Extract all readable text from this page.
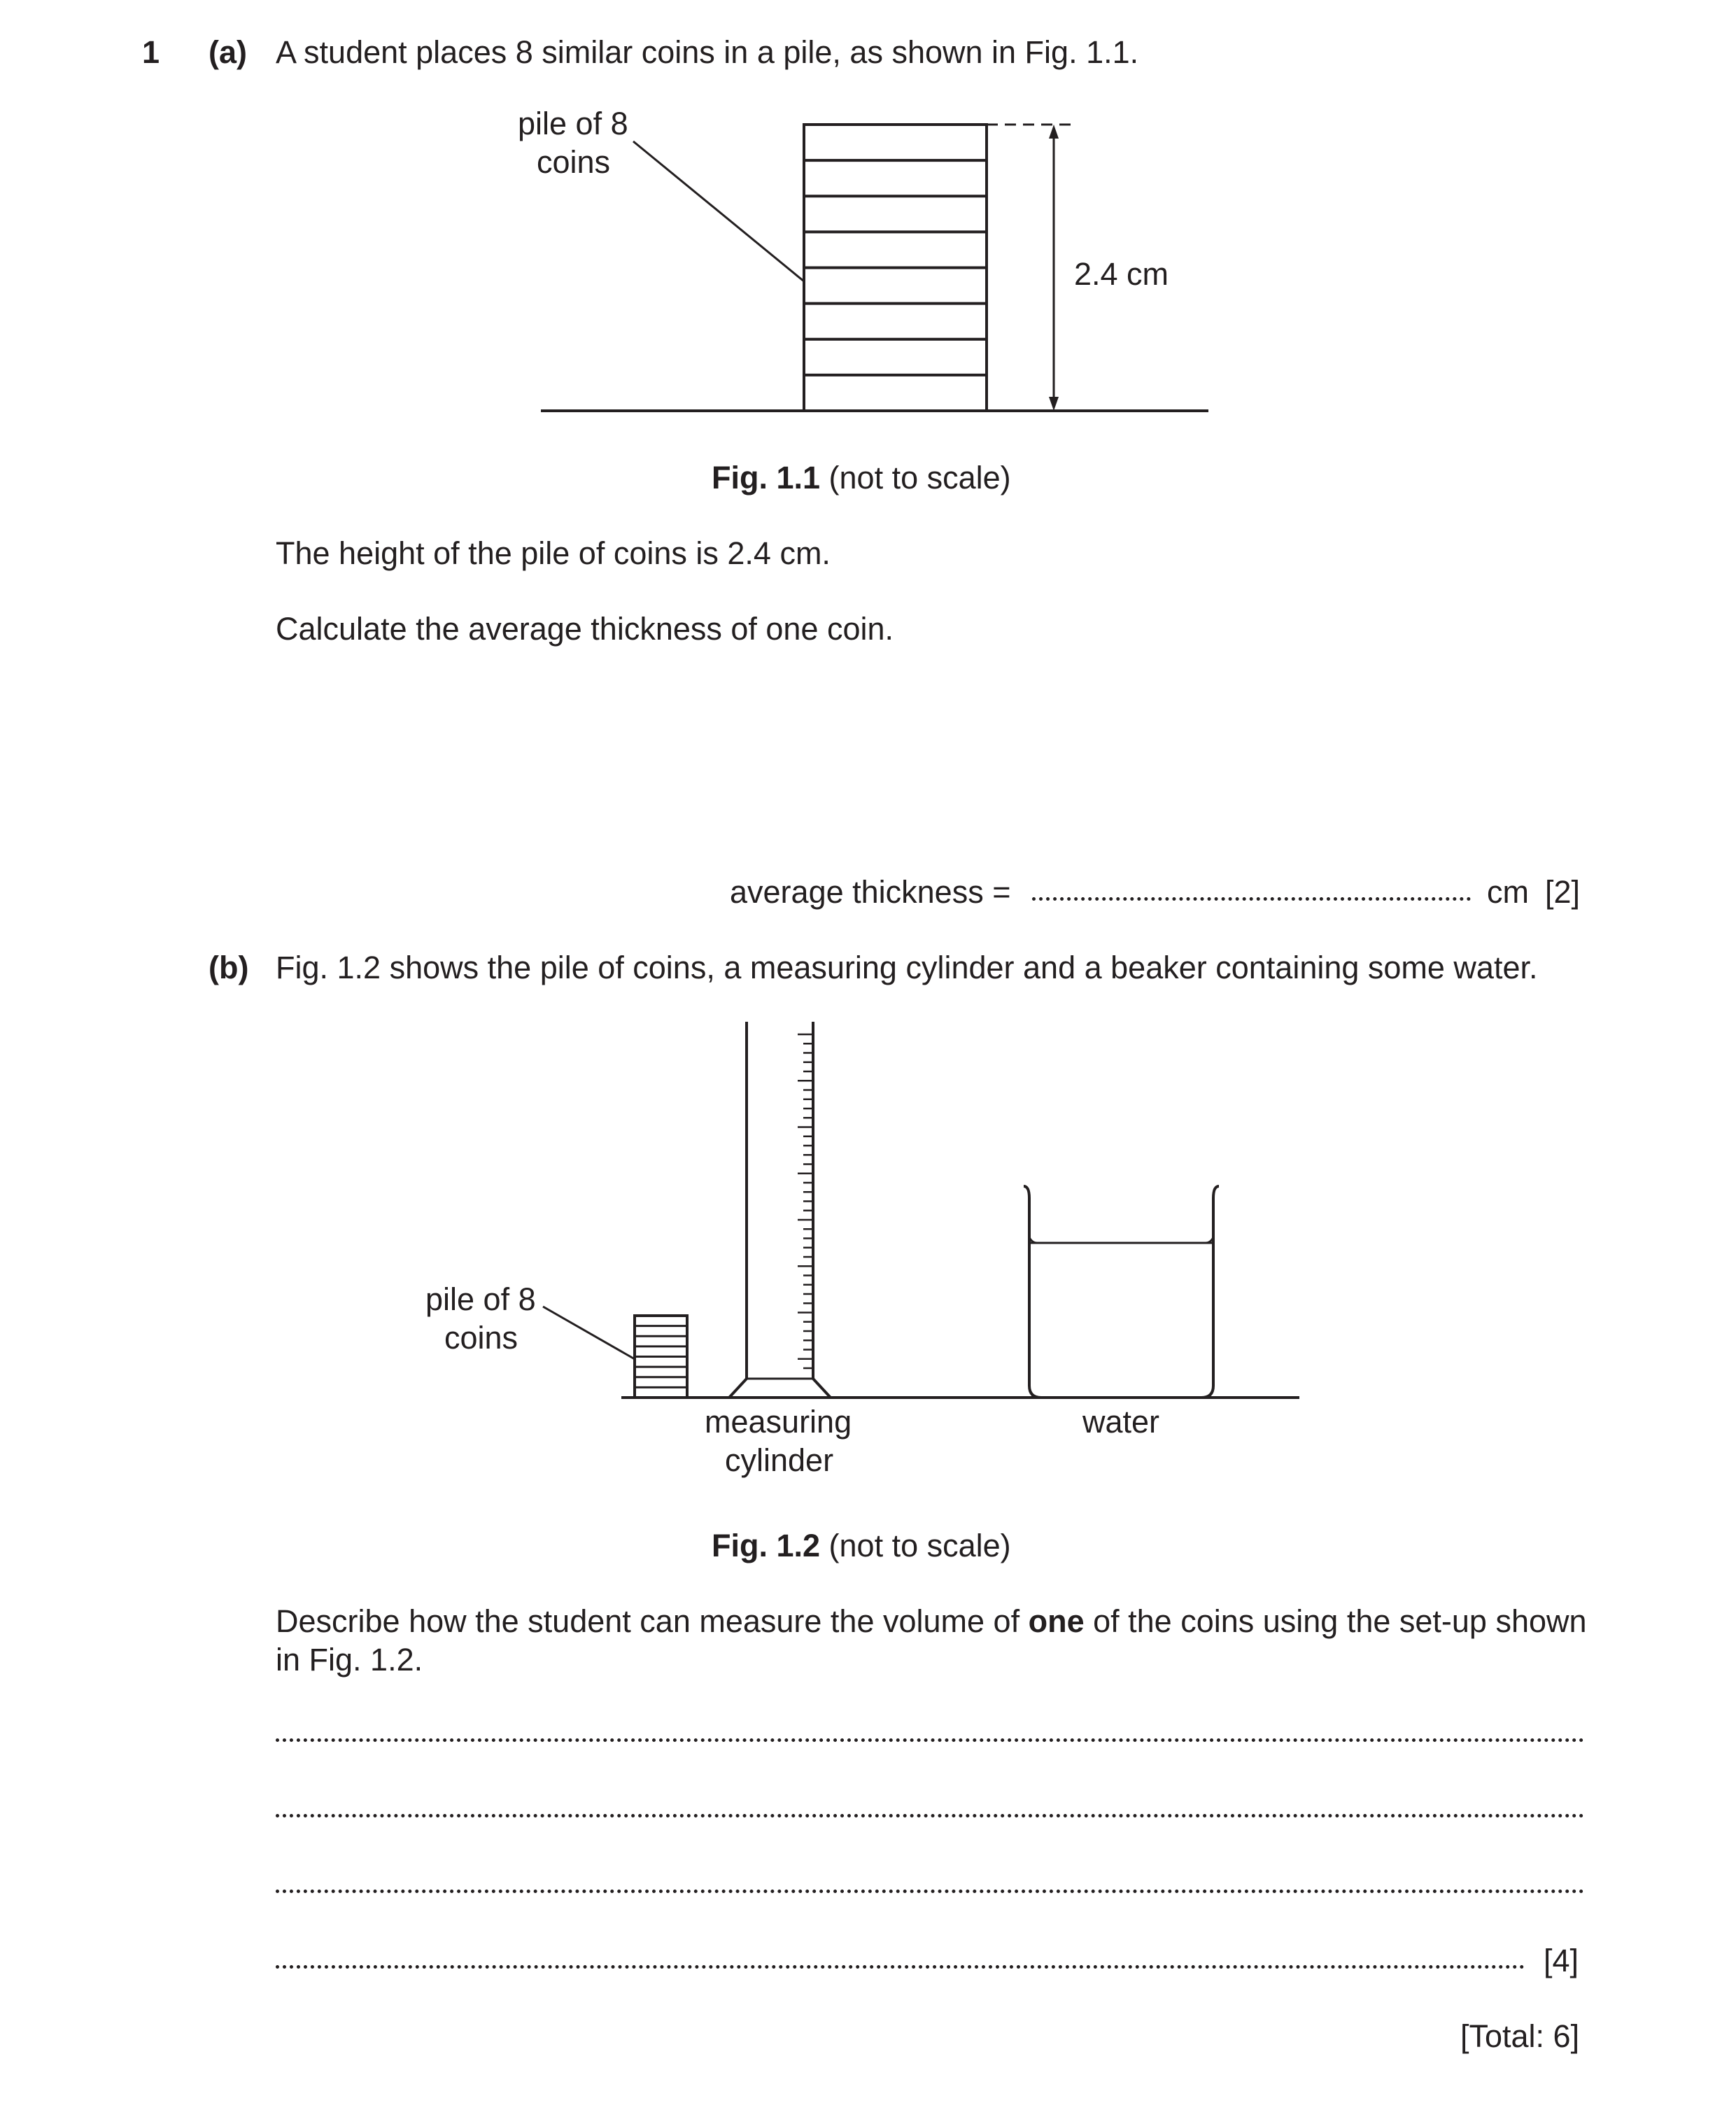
1 (a) A student places 8 similar coins in a pile, as shown in Fig. 1.1.
pile of 8
coins
2.4 cm
Fig. 1.1 (not to scale)
The height of the pile of coins is 2.4 cm.
Calculate the average thickness of one coin.
average thickness =	cm [2]
(b) Fig. 1.2 shows the pile of coins, a measuring cylinder and a beaker containing some water.
pile of 8
coins
measuring
cylinder
water
Fig. 1.2 (not to scale)
Describe how the student can measure the volume of one of the coins using the set-up shown
in Fig. 1.2.
[4]
[Total: 6]
